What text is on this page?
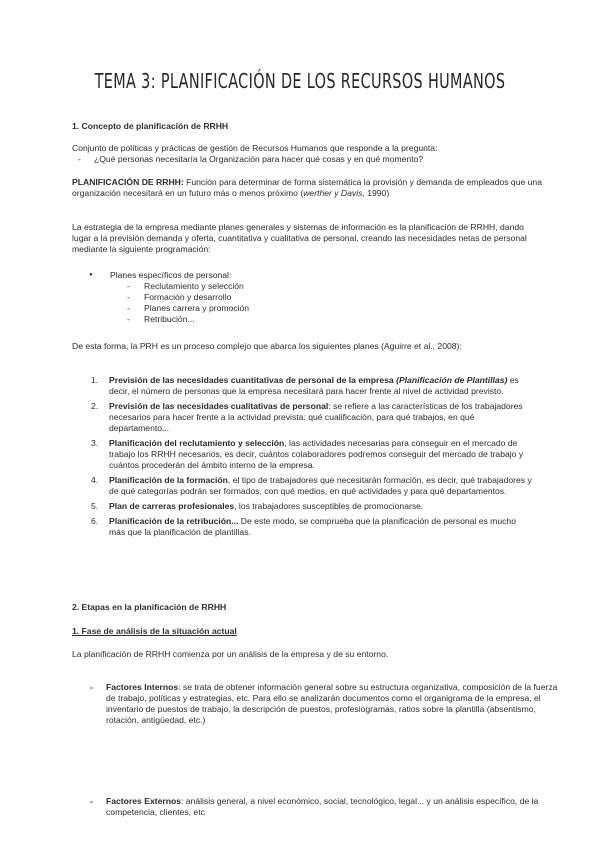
TEMA 3: PLANIFICACIÓN DE LOS RECURSOS HUMANOS

1. Concepto de planificación de RRHH

Conjunto de políticas y prácticas de gestión de Recursos Humanos que responde a la pregunta:

- ¿Qué personas necesitaría la Organización para hacer qué cosas y en qué momento?

PLANIFICACIÓN DE RRHH: Función para determinar de forma sistemática la provisión y demanda de empleados que una organización necesitará en un futuro más o menos próximo (werther y Davis, 1990)

La estrategia de la empresa mediante planes generales y sistemas de información es la planificación de RRHH, dando lugar a la previsión demanda y oferta, cuantitativa y cualitativa de personal, creando las necesidades netas de personal mediante la siguiente programación:

● Planes específicos de personal:

- Reclutamiento y selección

- Formación y desarrollo

- Planes carrera y promoción

- Retribución...

De esta forma, la PRH es un proceso complejo que abarca los siguientes planes (Aguirre et al., 2008):

1. Previsión de las necesidades cuantitativas de personal de la empresa (Planificación de Plantillas) es decir, el número de personas que la empresa necesitará para hacer frente al nivel de actividad previsto.
2. Previsión de las necesidades cualitativas de personal: se refiere a las características de los trabajadores necesarios para hacer frente a la actividad prevista: qué cualificación, para qué trabajos, en qué departamento...
3. Planificación del reclutamiento y selección, las actividades necesarias para conseguir en el mercado de trabajo los RRHH necesarios, es decir, cuántos colaboradores podremos conseguir del mercado de trabajo y cuántos procederán del ámbito interno de la empresa.
4. Planificación de la formación, el tipo de trabajadores que necesitarán formación, es decir, qué trabajadores y de qué categorías podrán ser formados, con qué medios, en qué actividades y para qué departamentos.
5. Plan de carreras profesionales, los trabajadores susceptibles de promocionarse.
6. Planificación de la retribución... De este modo, se comprueba que la planificación de personal es mucho más que la planificación de plantillas.

2. Etapas en la planificación de RRHH

1. Fase de análisis de la situación actual

La planificación de RRHH comienza por un análisis de la empresa y de su entorno.

- Factores Internos: se trata de obtener información general sobre su estructura organizativa, composición de la fuerza de trabajo, políticas y estrategias, etc. Para ello se analizarán documentos como el organigrama de la empresa, el inventario de puestos de trabajo, la descripción de puestos, profesiogramas, ratios sobre la plantilla (absentismo, rotación, antigüedad, etc.)

- Factores Externos: análisis general, a nivel económico, social, tecnológico, legal... y un análisis específico, de la competencia, clientes, etc
